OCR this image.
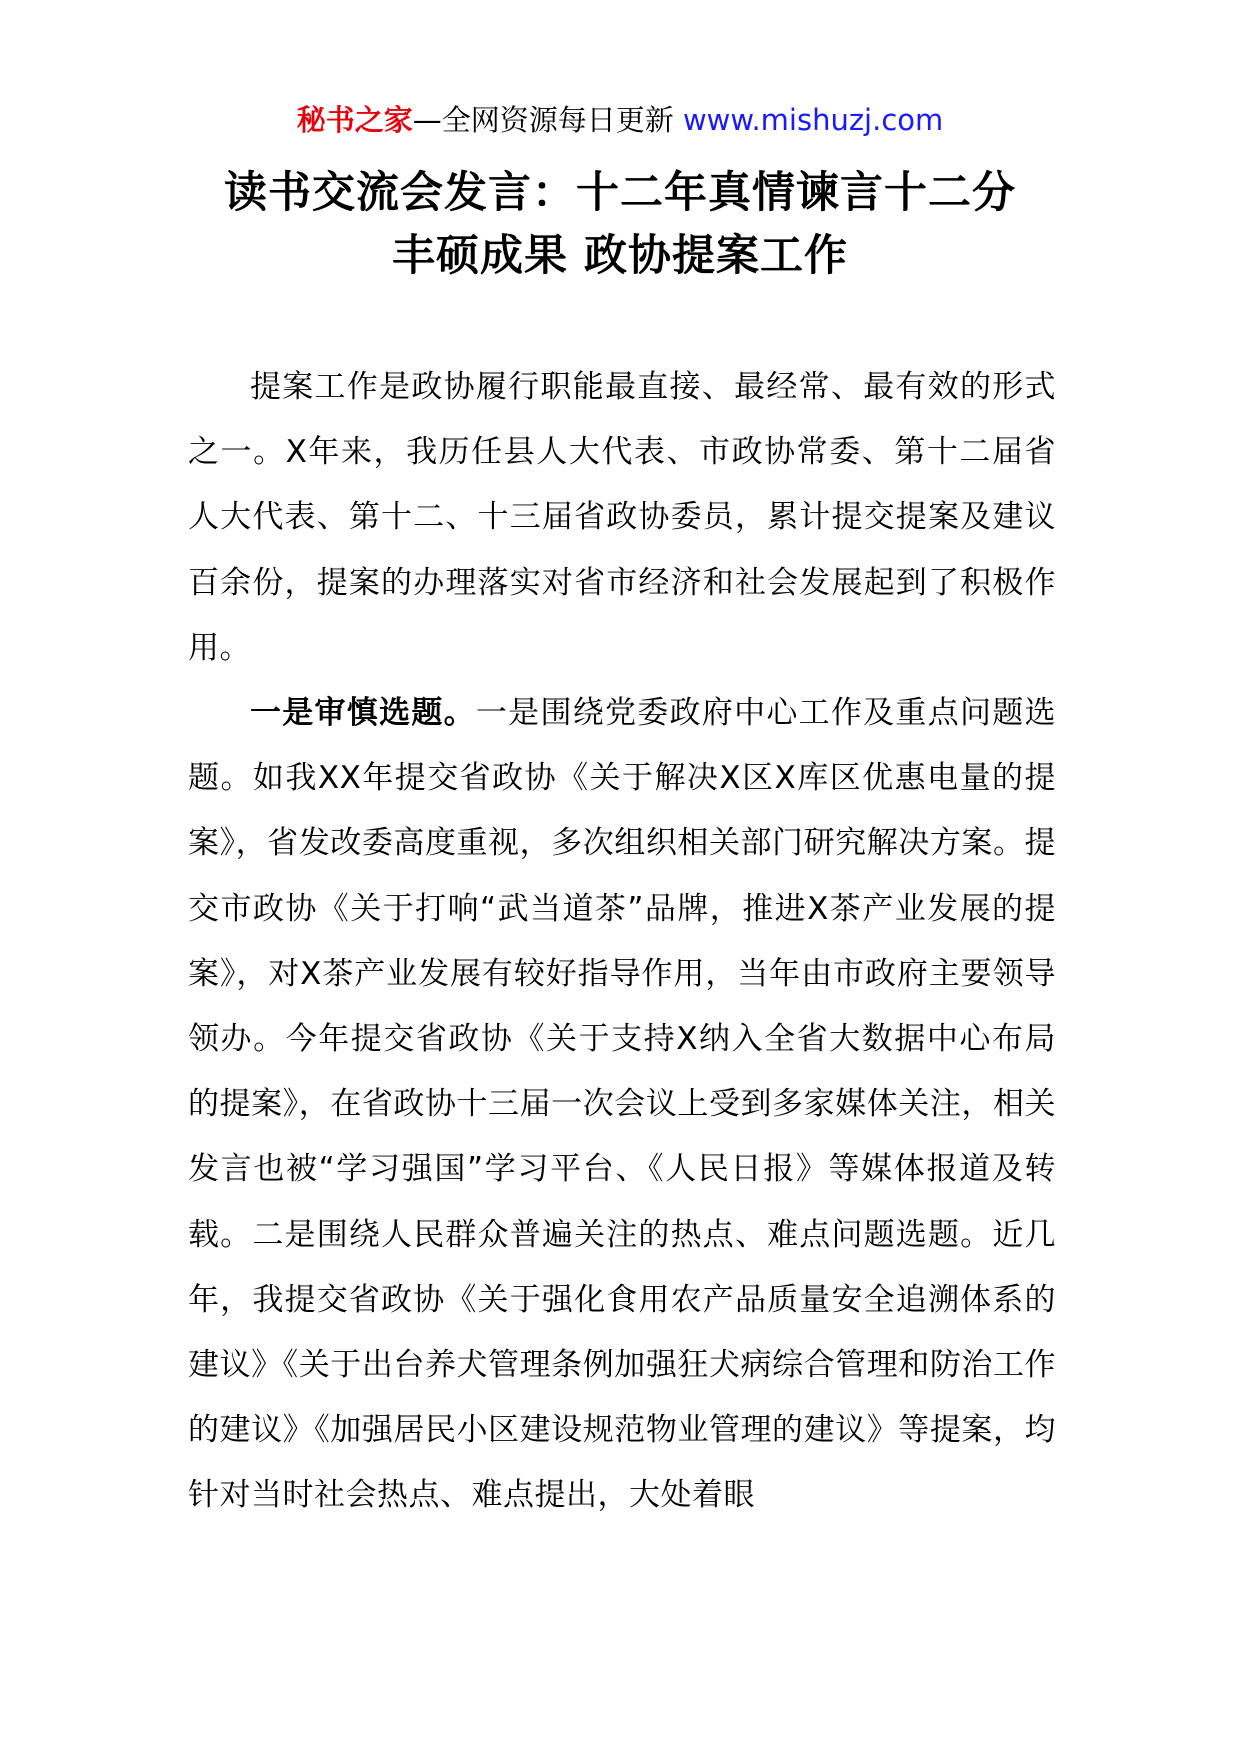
秘书之家—全网资源每日更新 www.mishuzj.com
读书交流会发言：十二年真情谏言十二分
丰硕成果 政协提案工作

提案工作是政协履行职能最直接、最经常、最有效的形式之一。X年来，我历任县人大代表、市政协常委、第十二届省人大代表、第十二、十三届省政协委员，累计提交提案及建议百余份，提案的办理落实对省市经济和社会发展起到了积极作用。

一是审慎选题。一是围绕党委政府中心工作及重点问题选题。如我XX年提交省政协《关于解决X区X库区优惠电量的提案》，省发改委高度重视，多次组织相关部门研究解决方案。提交市政协《关于打响“武当道茶”品牌，推进X茶产业发展的提案》，对X茶产业发展有较好指导作用，当年由市政府主要领导领办。今年提交省政协《关于支持X纳入全省大数据中心布局的提案》，在省政协十三届一次会议上受到多家媒体关注，相关发言也被“学习强国”学习平台、《人民日报》等媒体报道及转载。二是围绕人民群众普遍关注的热点、难点问题选题。近几年，我提交省政协《关于强化食用农产品质量安全追溯体系的建议》《关于出台养犬管理条例加强狂犬病综合管理和防治工作的建议》《加强居民小区建设规范物业管理的建议》等提案，均针对当时社会热点、难点提出，大处着眼
